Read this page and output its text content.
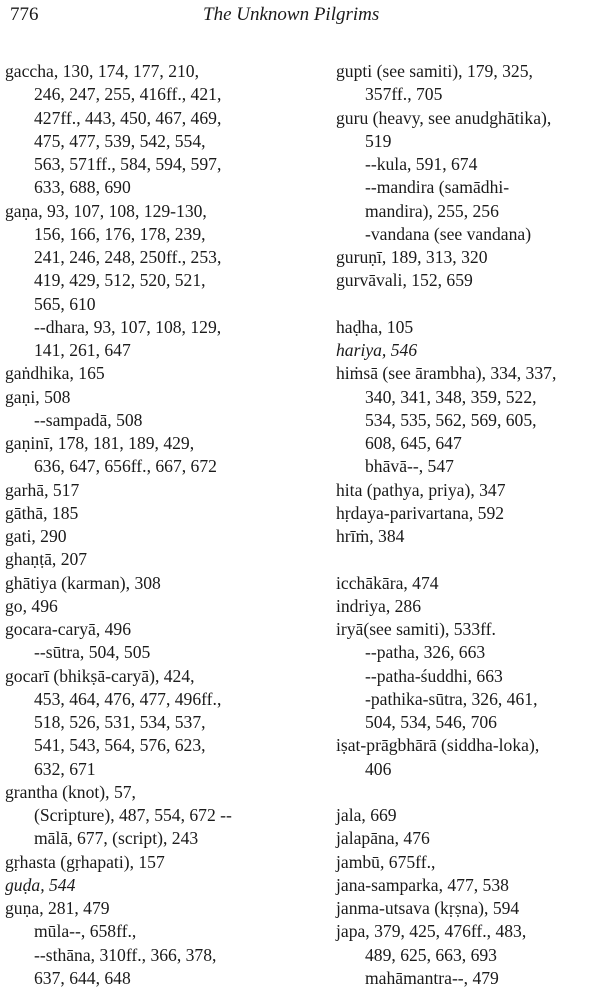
776	The Unknown Pilgrims
gaccha, 130, 174, 177, 210,
246, 247, 255, 416ff., 421,
427ff., 443, 450, 467, 469,
475, 477, 539, 542, 554,
563, 571ff., 584, 594, 597,
633, 688, 690
gaṇa, 93, 107, 108, 129-130,
156, 166, 176, 178, 239,
241, 246, 248, 250ff., 253,
419, 429, 512, 520, 521,
565, 610
--dhara, 93, 107, 108, 129,
141, 261, 647
gaṅdhika, 165
gaṇi, 508
--sampadā, 508
gaṇinī, 178, 181, 189, 429,
636, 647, 656ff., 667, 672
garhā, 517
gāthā, 185
gati, 290
ghaṇṭā, 207
ghātiya (karman), 308
go, 496
gocara-caryā, 496
--sūtra, 504, 505
gocarī (bhikṣā-caryā), 424,
453, 464, 476, 477, 496ff.,
518, 526, 531, 534, 537,
541, 543, 564, 576, 623,
632, 671
grantha (knot), 57,
(Scripture), 487, 554, 672 --
mālā, 677, (script), 243
gṛhasta (gṛhapati), 157
guḍa, 544
guṇa, 281, 479
mūla--, 658ff.,
--sthāna, 310ff., 366, 378,
637, 644, 648
gupti (see samiti), 179, 325,
357ff., 705
guru (heavy, see anudghātika),
519
--kula, 591, 674
--mandira (samādhi-
mandira), 255, 256
-vandana (see vandana)
guruṇī, 189, 313, 320
gurvāvali, 152, 659
haḍha, 105
hariya, 546
hiṁsā (see ārambha), 334, 337,
340, 341, 348, 359, 522,
534, 535, 562, 569, 605,
608, 645, 647
bhāvā--, 547
hita (pathya, priya), 347
hṛdaya-parivartana, 592
hrīṁ, 384
icchākāra, 474
indriya, 286
iryā(see samiti), 533ff.
--patha, 326, 663
--patha-śuddhi, 663
-pathika-sūtra, 326, 461,
504, 534, 546, 706
iṣat-prāgbhārā (siddha-loka),
406
jala, 669
jalapāna, 476
jambū, 675ff.,
jana-samparka, 477, 538
janma-utsava (kṛṣna), 594
japa, 379, 425, 476ff., 483,
489, 625, 663, 693
mahāmantra--, 479
